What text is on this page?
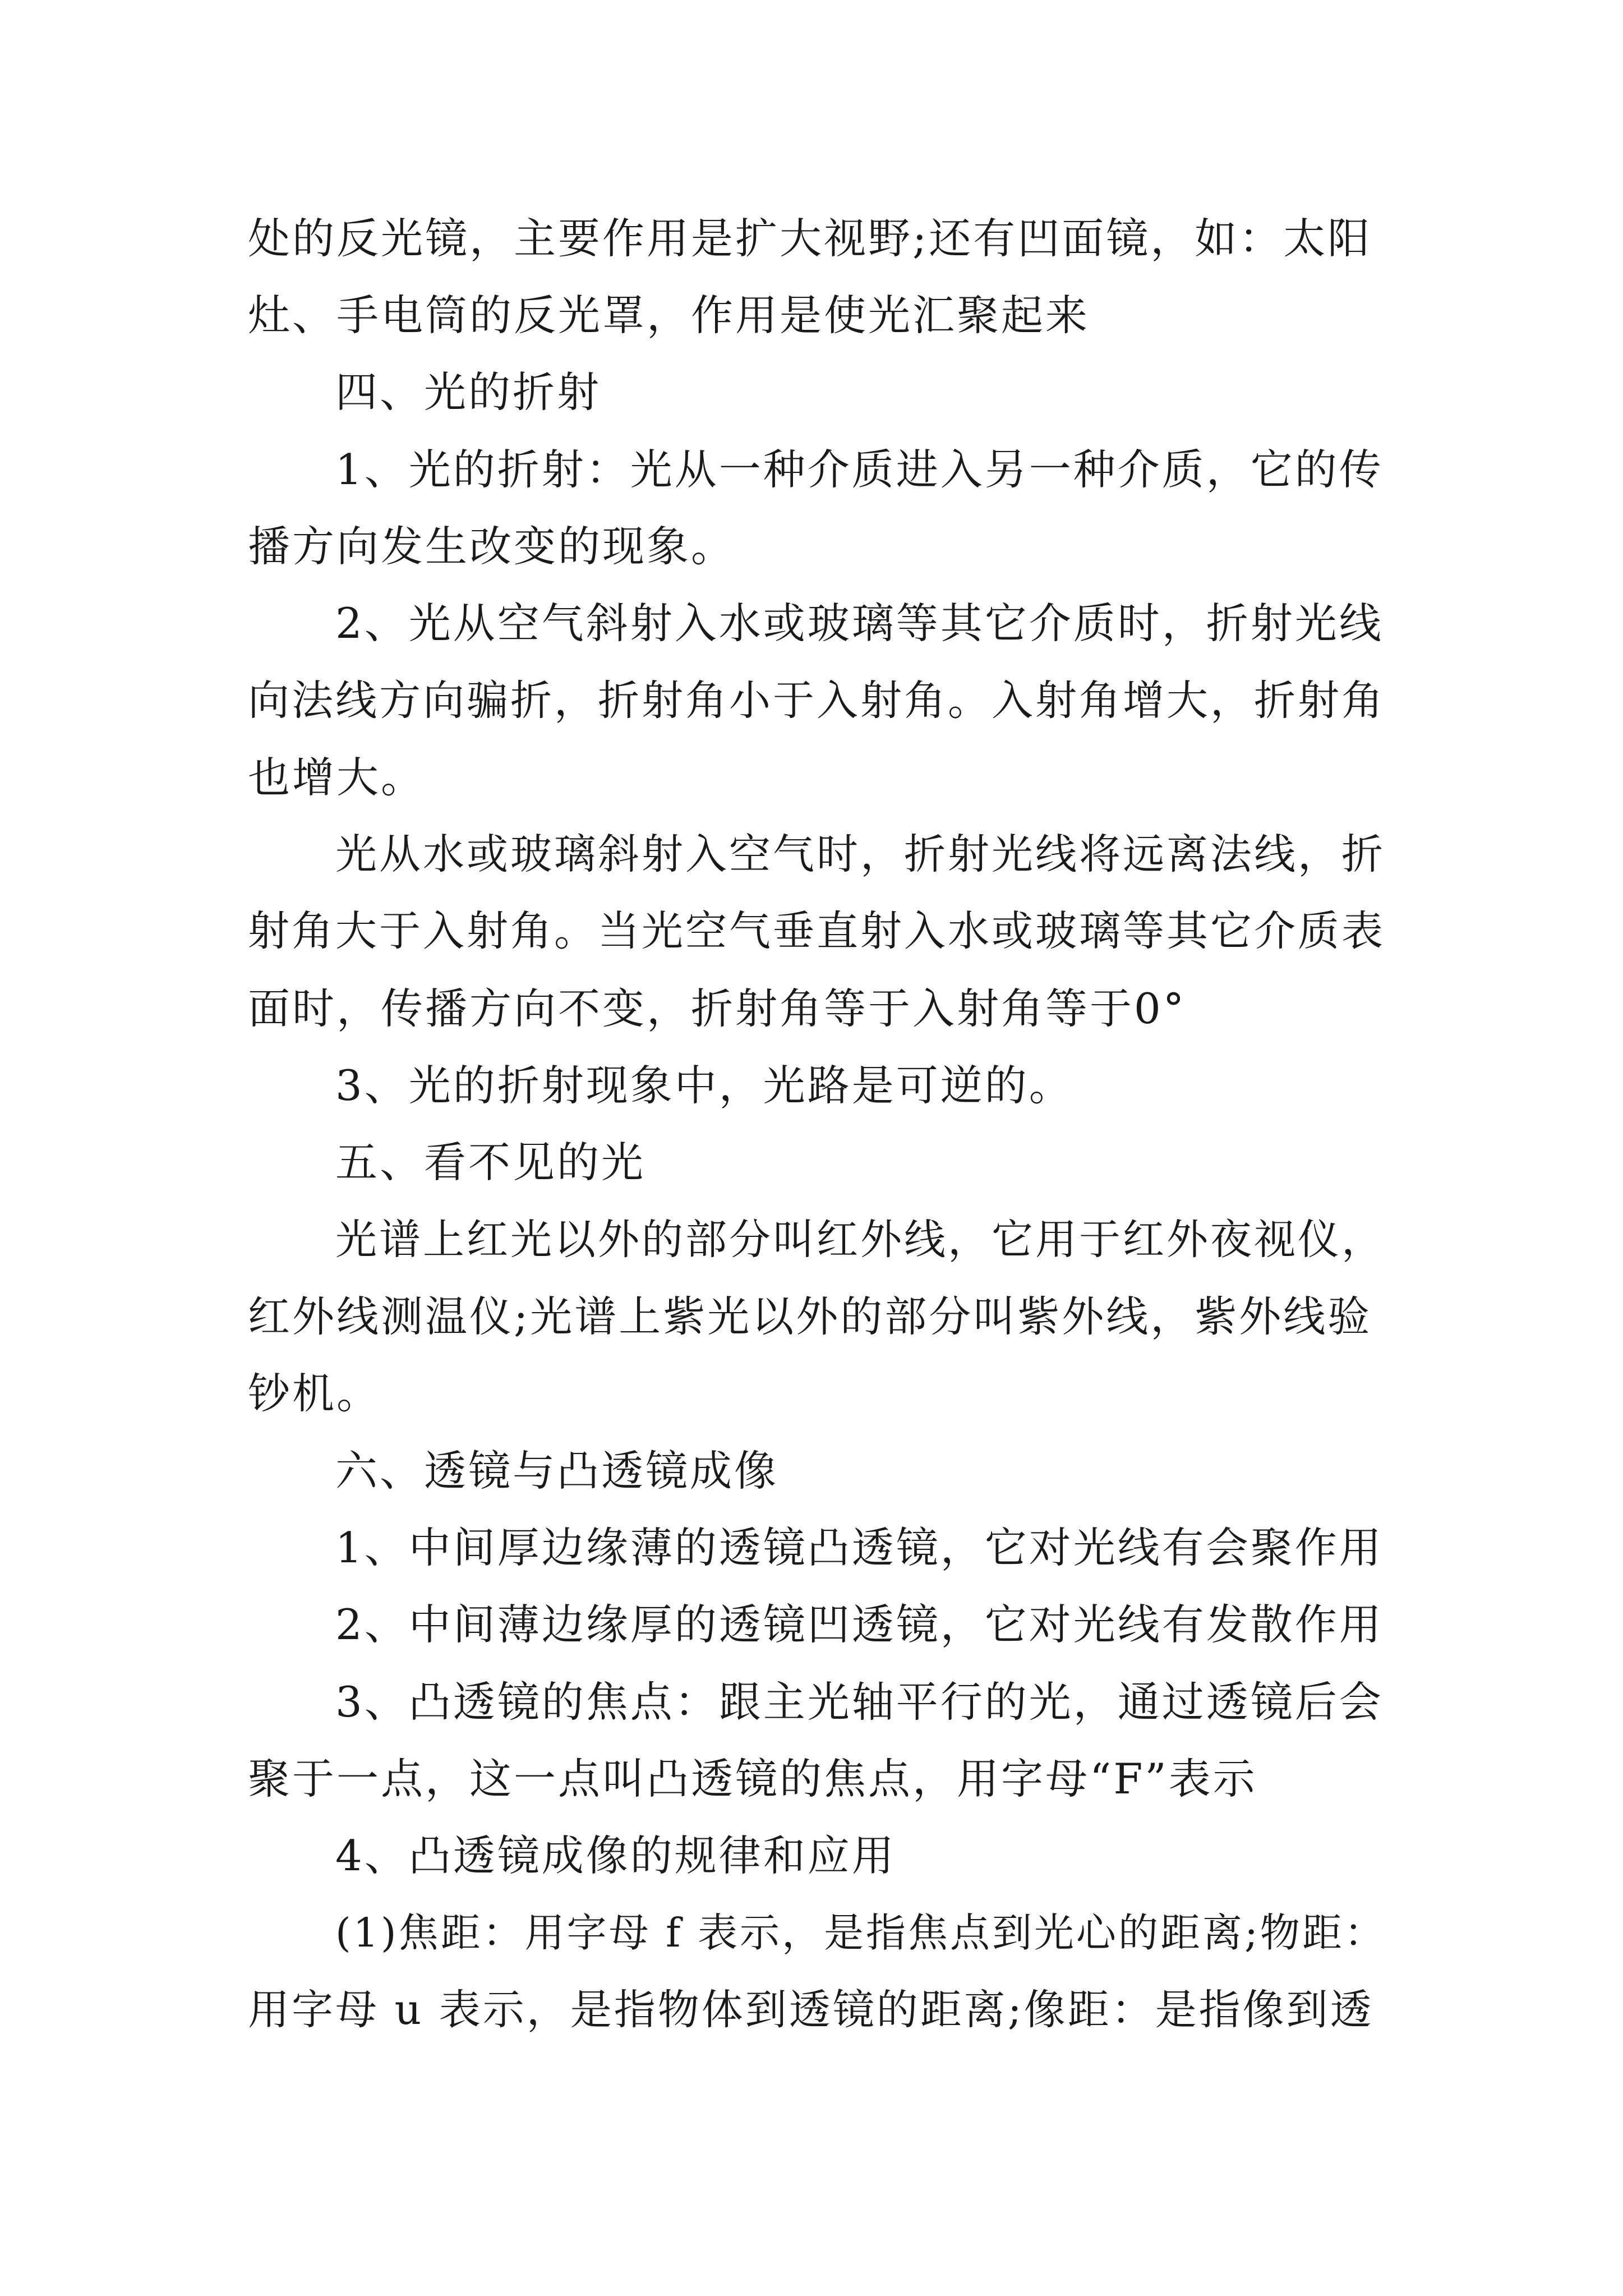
处的反光镜，主要作用是扩大视野;还有凹面镜，如：太阳
灶、手电筒的反光罩，作用是使光汇聚起来
四、光的折射
1、光的折射：光从一种介质进入另一种介质，它的传
播方向发生改变的现象。
2、光从空气斜射入水或玻璃等其它介质时，折射光线
向法线方向骗折，折射角小于入射角。入射角增大，折射角
也增大。
光从水或玻璃斜射入空气时，折射光线将远离法线，折
射角大于入射角。当光空气垂直射入水或玻璃等其它介质表
面时，传播方向不变，折射角等于入射角等于0°
3、光的折射现象中，光路是可逆的。
五、看不见的光
光谱上红光以外的部分叫红外线，它用于红外夜视仪，
红外线测温仪;光谱上紫光以外的部分叫紫外线，紫外线验
钞机。
六、透镜与凸透镜成像
1、中间厚边缘薄的透镜凸透镜，它对光线有会聚作用
2、中间薄边缘厚的透镜凹透镜，它对光线有发散作用
3、凸透镜的焦点：跟主光轴平行的光，通过透镜后会
聚于一点，这一点叫凸透镜的焦点，用字母“F”表示
4、凸透镜成像的规律和应用
(1)焦距：用字母 f 表示，是指焦点到光心的距离;物距：
用字母 u 表示，是指物体到透镜的距离;像距：是指像到透
